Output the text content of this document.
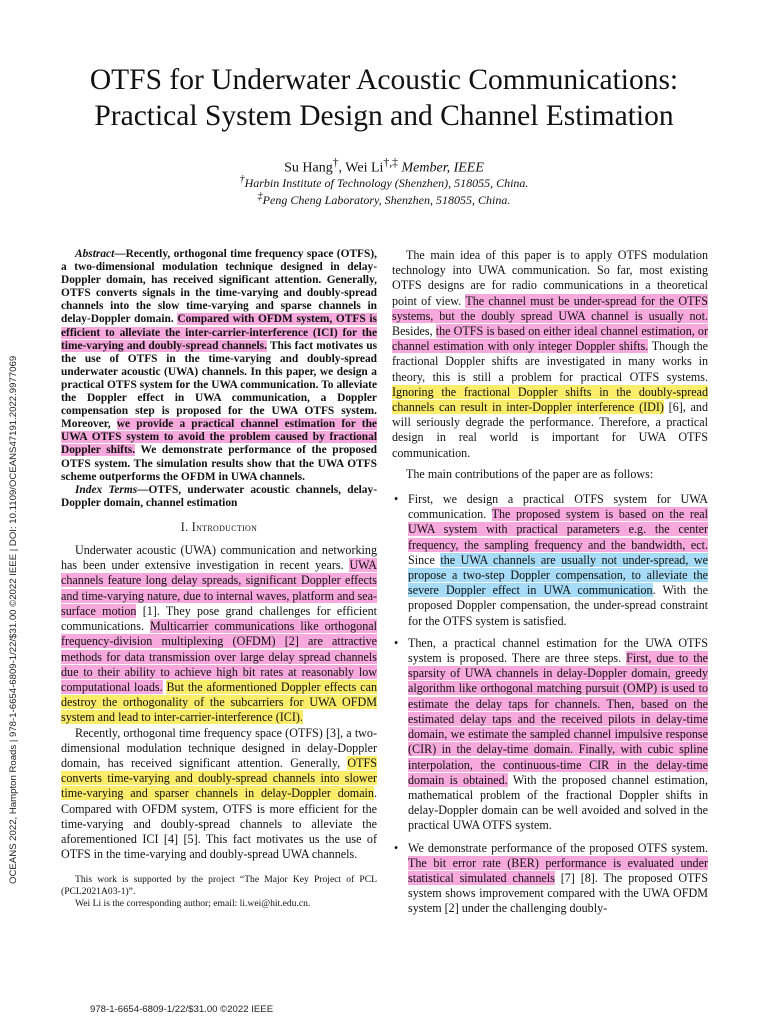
OTFS for Underwater Acoustic Communications:
Practical System Design and Channel Estimation
Su Hang†, Wei Li†,‡ Member, IEEE
†Harbin Institute of Technology (Shenzhen), 518055, China.
‡Peng Cheng Laboratory, Shenzhen, 518055, China.
OCEANS 2022, Hampton Roads | 978-1-6654-6809-1/22/$31.00 ©2022 IEEE | DOI: 10.1109/OCEANS47191.2022.9977069

Abstract—Recently, orthogonal time frequency space (OTFS), a two-dimensional modulation technique designed in delay-Doppler domain, has received significant attention. Generally, OTFS converts signals in the time-varying and doubly-spread channels into the slow time-varying and sparse channels in delay-Doppler domain. Compared with OFDM system, OTFS is efficient to alleviate the inter-carrier-interference (ICI) for the time-varying and doubly-spread channels. This fact motivates us the use of OTFS in the time-varying and doubly-spread underwater acoustic (UWA) channels. In this paper, we design a practical OTFS system for the UWA communication. To alleviate the Doppler effect in UWA communication, a Doppler compensation step is proposed for the UWA OTFS system. Moreover, we provide a practical channel estimation for the UWA OTFS system to avoid the problem caused by fractional Doppler shifts. We demonstrate performance of the proposed OTFS system. The simulation results show that the UWA OTFS scheme outperforms the OFDM in UWA channels.

Index Terms—OTFS, underwater acoustic channels, delay-Doppler domain, channel estimation

I. Introduction

Underwater acoustic (UWA) communication and networking has been under extensive investigation in recent years. UWA channels feature long delay spreads, significant Doppler effects and time-varying nature, due to internal waves, platform and sea-surface motion [1]. They pose grand challenges for efficient communications. Multicarrier communications like orthogonal frequency-division multiplexing (OFDM) [2] are attractive methods for data transmission over large delay spread channels due to their ability to achieve high bit rates at reasonably low computational loads. But the aformentioned Doppler effects can destroy the orthogonality of the subcarriers for UWA OFDM system and lead to inter-carrier-interference (ICI).

Recently, orthogonal time frequency space (OTFS) [3], a two-dimensional modulation technique designed in delay-Doppler domain, has received significant attention. Generally, OTFS converts time-varying and doubly-spread channels into slower time-varying and sparser channels in delay-Doppler domain. Compared with OFDM system, OTFS is more efficient for the time-varying and doubly-spread channels to alleviate the aforementioned ICI [4] [5]. This fact motivates us the use of OTFS in the time-varying and doubly-spread UWA channels.

This work is supported by the project “The Major Key Project of PCL (PCL2021A03-1)”.

Wei Li is the corresponding author; email: li.wei@hit.edu.cn.

The main idea of this paper is to apply OTFS modulation technology into UWA communication. So far, most existing OTFS designs are for radio communications in a theoretical point of view. The channel must be under-spread for the OTFS systems, but the doubly spread UWA channel is usually not. Besides, the OTFS is based on either ideal channel estimation, or channel estimation with only integer Doppler shifts. Though the fractional Doppler shifts are investigated in many works in theory, this is still a problem for practical OTFS systems. Ignoring the fractional Doppler shifts in the doubly-spread channels can result in inter-Doppler interference (IDI) [6], and will seriously degrade the performance. Therefore, a practical design in real world is important for UWA OTFS communication.

The main contributions of the paper are as follows:

• First, we design a practical OTFS system for UWA communication. The proposed system is based on the real UWA system with practical parameters e.g. the center frequency, the sampling frequency and the bandwidth, ect. Since the UWA channels are usually not under-spread, we propose a two-step Doppler compensation, to alleviate the severe Doppler effect in UWA communication. With the proposed Doppler compensation, the under-spread constraint for the OTFS system is satisfied.
• Then, a practical channel estimation for the UWA OTFS system is proposed. There are three steps. First, due to the sparsity of UWA channels in delay-Doppler domain, greedy algorithm like orthogonal matching pursuit (OMP) is used to estimate the delay taps for channels. Then, based on the estimated delay taps and the received pilots in delay-time domain, we estimate the sampled channel impulsive response (CIR) in the delay-time domain. Finally, with cubic spline interpolation, the continuous-time CIR in the delay-time domain is obtained. With the proposed channel estimation, mathematical problem of the fractional Doppler shifts in delay-Doppler domain can be well avoided and solved in the practical UWA OTFS system.
• We demonstrate performance of the proposed OTFS system. The bit error rate (BER) performance is evaluated under statistical simulated channels [7] [8]. The proposed OTFS system shows improvement compared with the UWA OFDM system [2] under the challenging doubly-
978-1-6654-6809-1/22/$31.00 ©2022 IEEE
